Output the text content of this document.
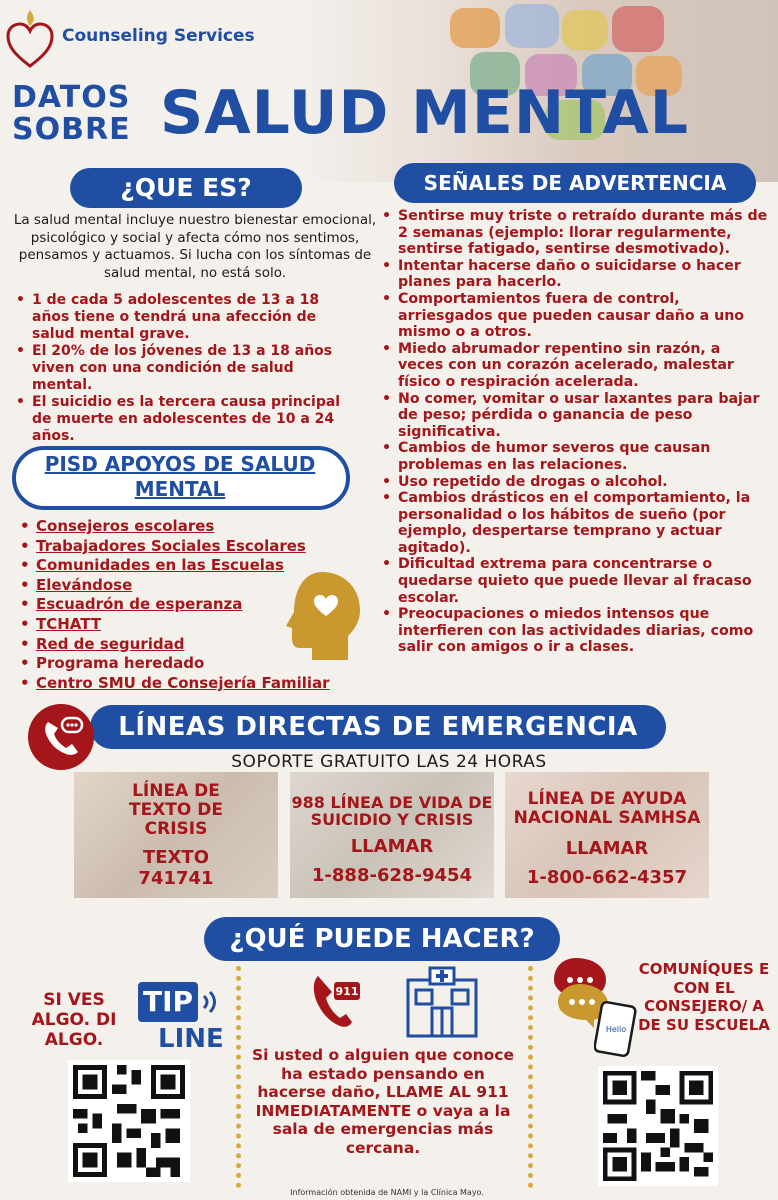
Counseling Services
DATOS
SOBRE SALUD MENTAL
¿QUE ES?
La salud mental incluye nuestro bienestar emocional, psicológico y social y afecta cómo nos sentimos, pensamos y actuamos. Si lucha con los síntomas de salud mental, no está solo.
• 1 de cada 5 adolescentes de 13 a 18 años tiene o tendrá una afección de salud mental grave.
• El 20% de los jóvenes de 13 a 18 años viven con una condición de salud mental.
• El suicidio es la tercera causa principal de muerte en adolescentes de 10 a 24 años.
PISD APOYOS DE SALUD MENTAL
• Consejeros escolares
• Trabajadores Sociales Escolares
• Comunidades en las Escuelas
• Elevándose
• Escuadrón de esperanza
• TCHATT
• Red de seguridad
• Programa heredado
• Centro SMU de Consejería Familiar
SEÑALES DE ADVERTENCIA
• Sentirse muy triste o retraído durante más de 2 semanas (ejemplo: llorar regularmente, sentirse fatigado, sentirse desmotivado).
• Intentar hacerse daño o suicidarse o hacer planes para hacerlo.
• Comportamientos fuera de control, arriesgados que pueden causar daño a uno mismo o a otros.
• Miedo abrumador repentino sin razón, a veces con un corazón acelerado, malestar físico o respiración acelerada.
• No comer, vomitar o usar laxantes para bajar de peso; pérdida o ganancia de peso significativa.
• Cambios de humor severos que causan problemas en las relaciones.
• Uso repetido de drogas o alcohol.
• Cambios drásticos en el comportamiento, la personalidad o los hábitos de sueño (por ejemplo, despertarse temprano y actuar agitado).
• Dificultad extrema para concentrarse o quedarse quieto que puede llevar al fracaso escolar.
• Preocupaciones o miedos intensos que interfieren con las actividades diarias, como salir con amigos o ir a clases.
LÍNEAS DIRECTAS DE EMERGENCIA
SOPORTE GRATUITO LAS 24 HORAS
LÍNEA DE TEXTO DE CRISIS
TEXTO
741741
988 LÍNEA DE VIDA DE SUICIDIO Y CRISIS
LLAMAR
1-888-628-9454
LÍNEA DE AYUDA NACIONAL SAMHSA
LLAMAR
1-800-662-4357
¿QUÉ PUEDE HACER?
SI VES ALGO. DI ALGO.
TIP
LINE
911
Si usted o alguien que conoce ha estado pensando en hacerse daño, LLAME AL 911 INMEDIATAMENTE o vaya a la sala de emergencias más cercana.
Hello
COMUNÍQUES E CON EL CONSEJERO/ A DE SU ESCUELA
Información obtenida de NAMI y la Clínica Mayo.
